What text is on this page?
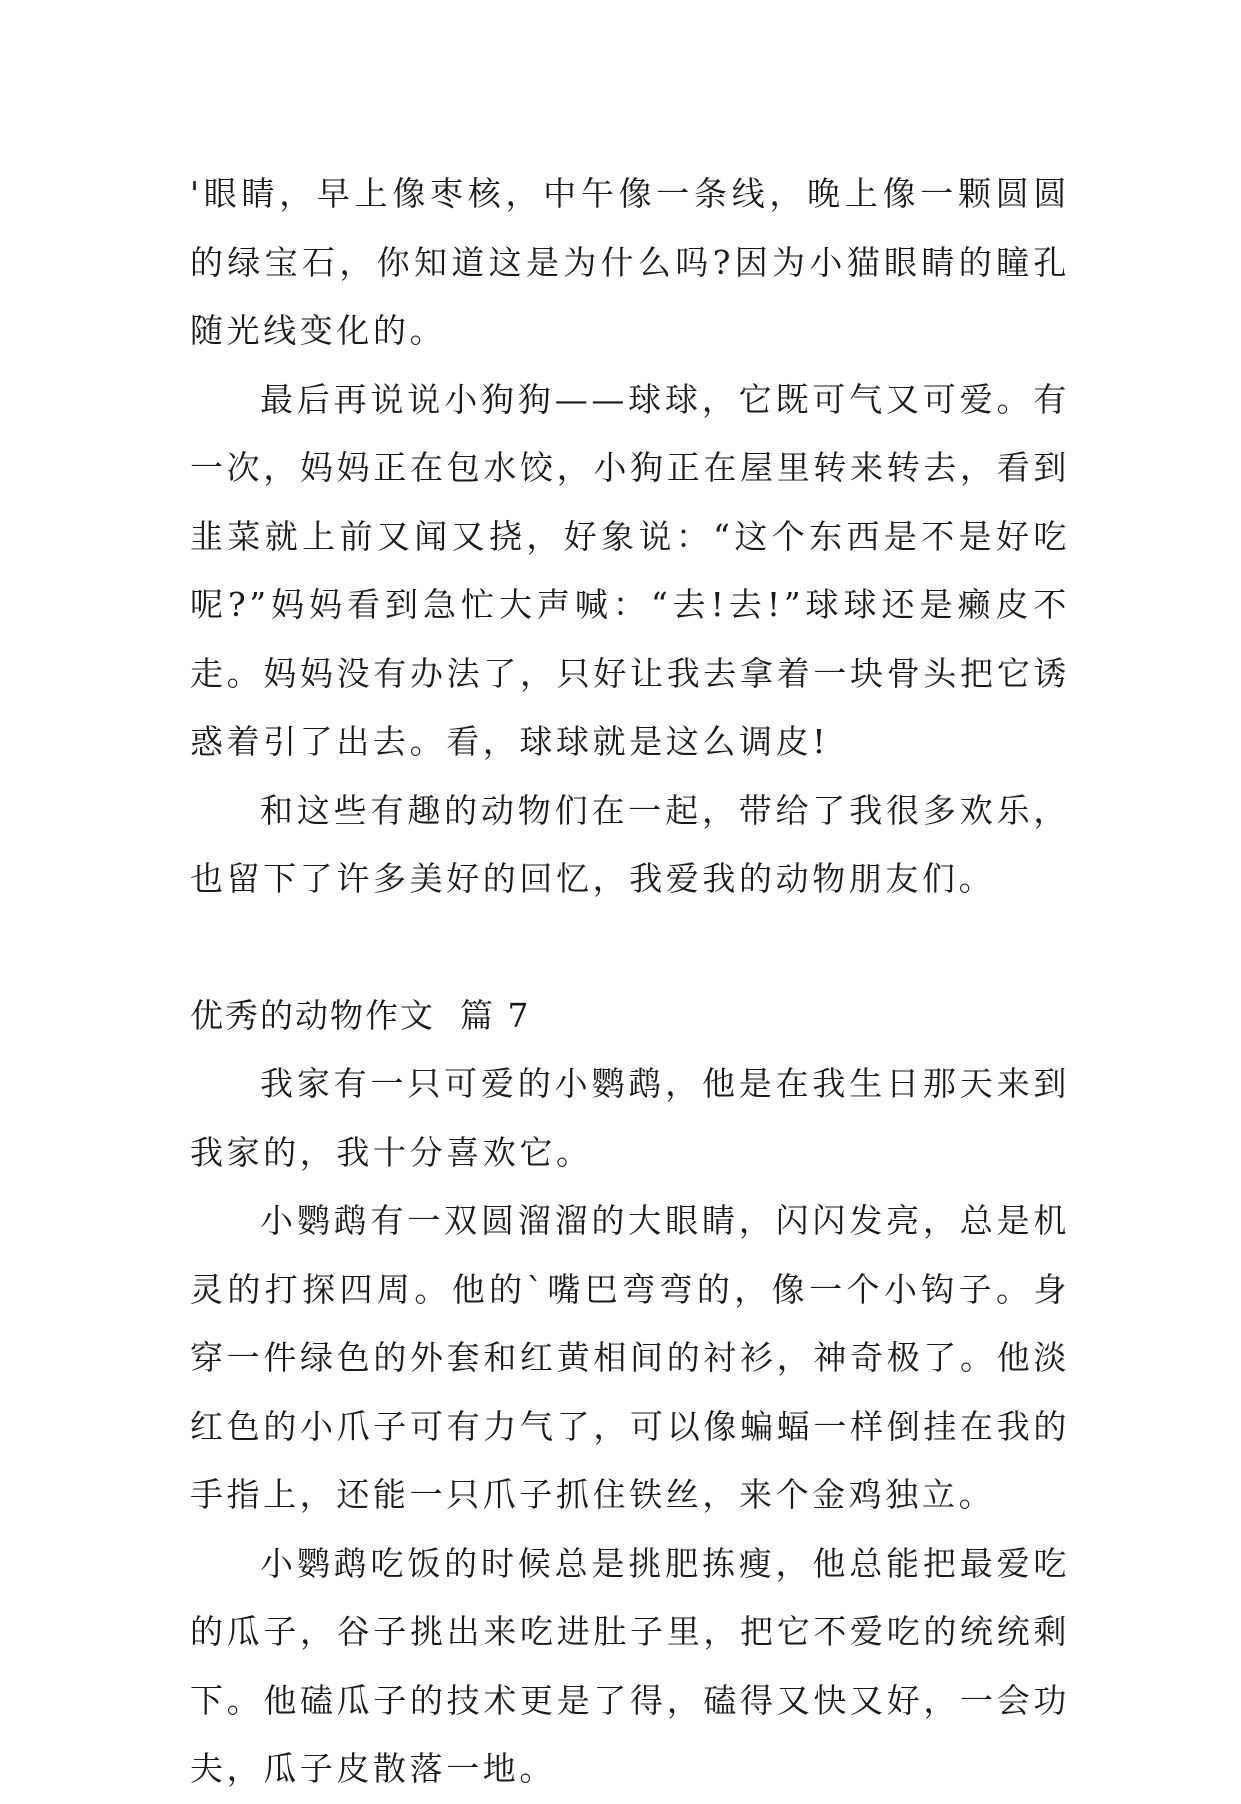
'眼睛，早上像枣核，中午像一条线，晚上像一颗圆圆的绿宝石，你知道这是为什么吗?因为小猫眼睛的瞳孔随光线变化的。

最后再说说小狗狗——球球，它既可气又可爱。有一次，妈妈正在包水饺，小狗正在屋里转来转去，看到韭菜就上前又闻又挠，好象说：“这个东西是不是好吃呢?”妈妈看到急忙大声喊：“去!去!”球球还是癞皮不走。妈妈没有办法了，只好让我去拿着一块骨头把它诱惑着引了出去。看，球球就是这么调皮!

和这些有趣的动物们在一起，带给了我很多欢乐，也留下了许多美好的回忆，我爱我的动物朋友们。

优秀的动物作文  篇 7

我家有一只可爱的小鹦鹉，他是在我生日那天来到我家的，我十分喜欢它。

小鹦鹉有一双圆溜溜的大眼睛，闪闪发亮，总是机灵的打探四周。他的`嘴巴弯弯的，像一个小钩子。身穿一件绿色的外套和红黄相间的衬衫，神奇极了。他淡红色的小爪子可有力气了，可以像蝙蝠一样倒挂在我的手指上，还能一只爪子抓住铁丝，来个金鸡独立。

小鹦鹉吃饭的时候总是挑肥拣瘦，他总能把最爱吃的瓜子，谷子挑出来吃进肚子里，把它不爱吃的统统剩下。他磕瓜子的技术更是了得，磕得又快又好，一会功夫，瓜子皮散落一地。
